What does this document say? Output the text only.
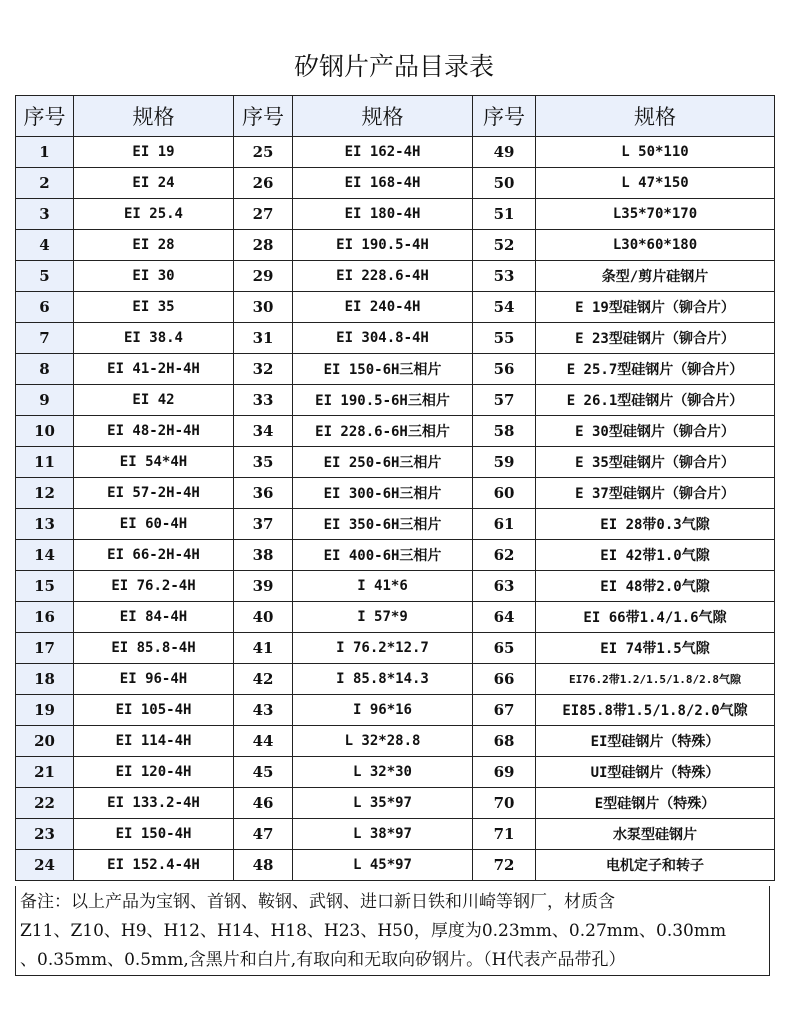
矽钢片产品目录表
序号	规格	序号	规格	序号	规格
1	EI 19	25	EI 162-4H	49	L 50*110
2	EI 24	26	EI 168-4H	50	L 47*150
3	EI 25.4	27	EI 180-4H	51	L35*70*170
4	EI 28	28	EI 190.5-4H	52	L30*60*180
5	EI 30	29	EI 228.6-4H	53	条型/剪片硅钢片
6	EI 35	30	EI 240-4H	54	E 19型硅钢片（铆合片）
7	EI 38.4	31	EI 304.8-4H	55	E 23型硅钢片（铆合片）
8	EI 41-2H-4H	32	EI 150-6H三相片	56	E 25.7型硅钢片（铆合片）
9	EI 42	33	EI 190.5-6H三相片	57	E 26.1型硅钢片（铆合片）
10	EI 48-2H-4H	34	EI 228.6-6H三相片	58	E 30型硅钢片（铆合片）
11	EI 54*4H	35	EI 250-6H三相片	59	E 35型硅钢片（铆合片）
12	EI 57-2H-4H	36	EI 300-6H三相片	60	E 37型硅钢片（铆合片）
13	EI 60-4H	37	EI 350-6H三相片	61	EI 28带0.3气隙
14	EI 66-2H-4H	38	EI 400-6H三相片	62	EI 42带1.0气隙
15	EI 76.2-4H	39	I 41*6	63	EI 48带2.0气隙
16	EI 84-4H	40	I 57*9	64	EI 66带1.4/1.6气隙
17	EI 85.8-4H	41	I 76.2*12.7	65	EI 74带1.5气隙
18	EI 96-4H	42	I 85.8*14.3	66	EI76.2带1.2/1.5/1.8/2.8气隙
19	EI 105-4H	43	I 96*16	67	EI85.8带1.5/1.8/2.0气隙
20	EI 114-4H	44	L 32*28.8	68	EI型硅钢片（特殊）
21	EI 120-4H	45	L 32*30	69	UI型硅钢片（特殊）
22	EI 133.2-4H	46	L 35*97	70	E型硅钢片（特殊）
23	EI 150-4H	47	L 38*97	71	水泵型硅钢片
24	EI 152.4-4H	48	L 45*97	72	电机定子和转子
备注：以上产品为宝钢、首钢、鞍钢、武钢、进口新日铁和川崎等钢厂，材质含
Z11、Z10、H9、H12、H14、H18、H23、H50，厚度为0.23mm、0.27mm、0.30mm
、0.35mm、0.5mm,含黑片和白片,有取向和无取向矽钢片。（H代表产品带孔）
